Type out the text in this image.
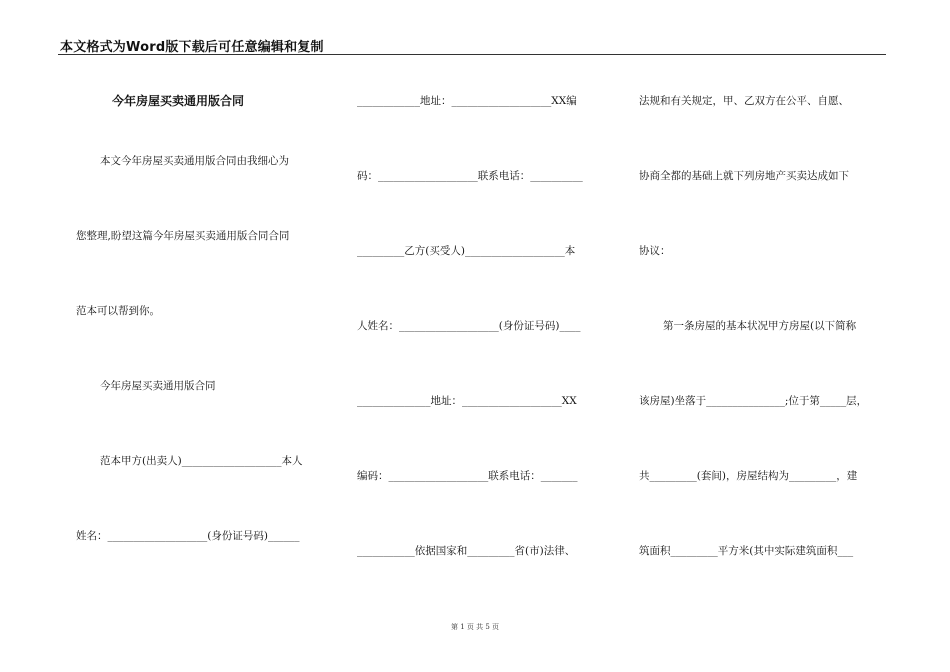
本文格式为Word版下载后可任意编辑和复制
今年房屋买卖通用版合同
本文今年房屋买卖通用版合同由我细心为
您整理,盼望这篇今年房屋买卖通用版合同合同
范本可以帮到你。
今年房屋买卖通用版合同
范本甲方(出卖人)___________________本人
姓名：___________________(身份证号码)______
____________地址：___________________XX编
码：___________________联系电话：__________
_________乙方(买受人)___________________本
人姓名：___________________(身份证号码)____
______________地址：___________________XX
编码：___________________联系电话：_______
___________依据国家和_________省(市)法律、
法规和有关规定，甲、乙双方在公平、自愿、
协商全都的基础上就下列房地产买卖达成如下
协议：
第一条房屋的基本状况甲方房屋(以下简称
该房屋)坐落于_______________;位于第_____层，
共_________(套间)，房屋结构为_________，建
筑面积_________平方米(其中实际建筑面积___
第 1 页 共 5 页
